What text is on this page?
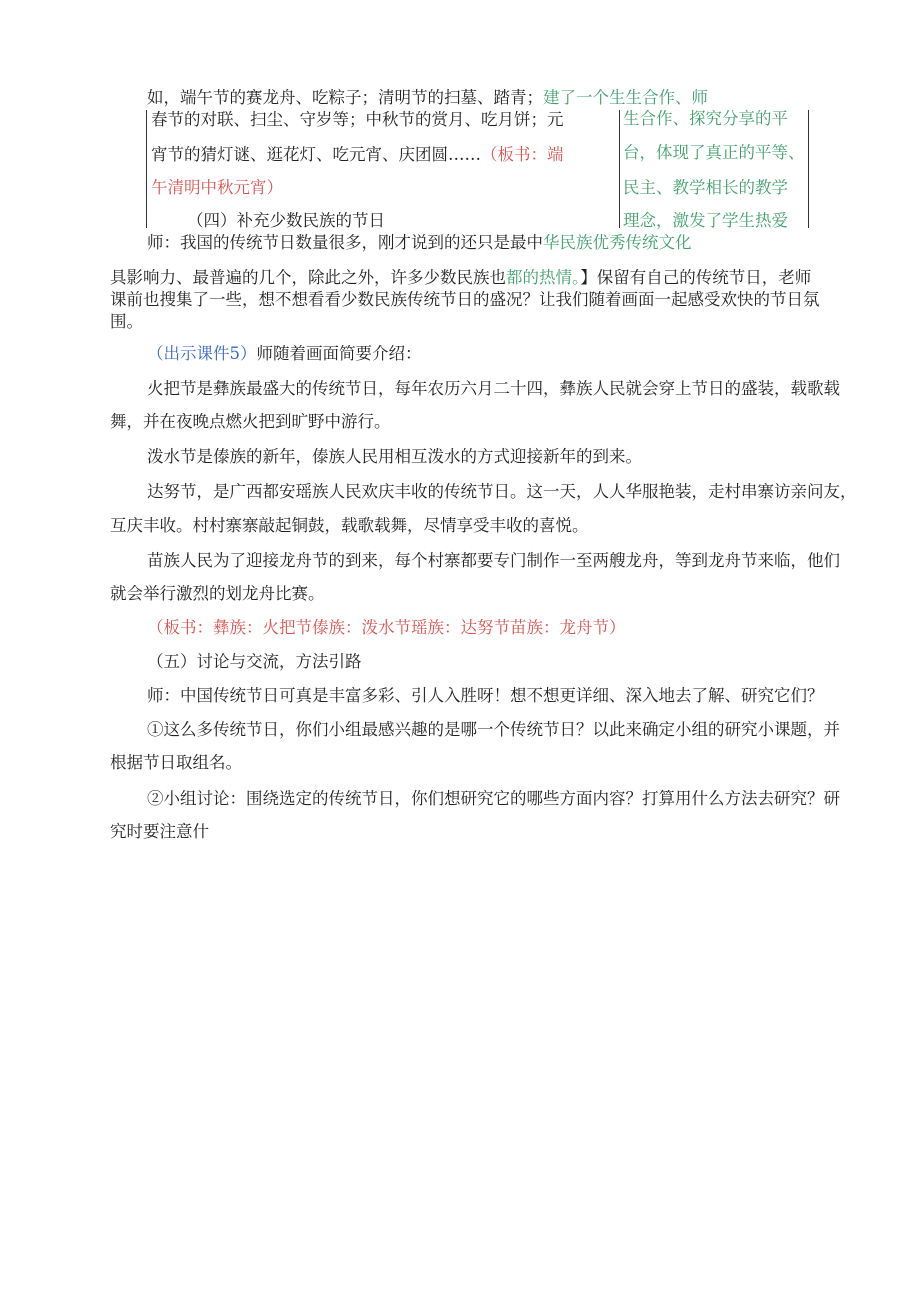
如，端午节的赛龙舟、吃粽子；清明节的扫墓、踏青；建了一个生生合作、师
春节的对联、扫尘、守岁等；中秋节的赏月、吃月饼；元
宵节的猜灯谜、逛花灯、吃元宵、庆团圆……（板书：端
午清明中秋元宵）
（四）补充少数民族的节日
生合作、探究分享的平
台，体现了真正的平等、
民主、教学相长的教学
理念，激发了学生热爱
师：我国的传统节日数量很多，刚才说到的还只是最中华民族优秀传统文化
具影响力、最普遍的几个，除此之外，许多少数民族也都的热情。】保留有自己的传统节日，老师
课前也搜集了一些，想不想看看少数民族传统节日的盛况？让我们随着画面一起感受欢快的节日氛
围。
（出示课件5）师随着画面简要介绍：
火把节是彝族最盛大的传统节日，每年农历六月二十四，彝族人民就会穿上节日的盛装，载歌载
舞，并在夜晚点燃火把到旷野中游行。
泼水节是傣族的新年，傣族人民用相互泼水的方式迎接新年的到来。
达努节，是广西都安瑶族人民欢庆丰收的传统节日。这一天，人人华服艳装，走村串寨访亲问友，
互庆丰收。村村寨寨敲起铜鼓，载歌载舞，尽情享受丰收的喜悦。
苗族人民为了迎接龙舟节的到来，每个村寨都要专门制作一至两艘龙舟，等到龙舟节来临，他们
就会举行激烈的划龙舟比赛。
（板书：彝族：火把节傣族：泼水节瑶族：达努节苗族：龙舟节）
（五）讨论与交流，方法引路
师：中国传统节日可真是丰富多彩、引人入胜呀！想不想更详细、深入地去了解、研究它们？
①这么多传统节日，你们小组最感兴趣的是哪一个传统节日？以此来确定小组的研究小课题，并
根据节日取组名。
②小组讨论：围绕选定的传统节日，你们想研究它的哪些方面内容？打算用什么方法去研究？研
究时要注意什
